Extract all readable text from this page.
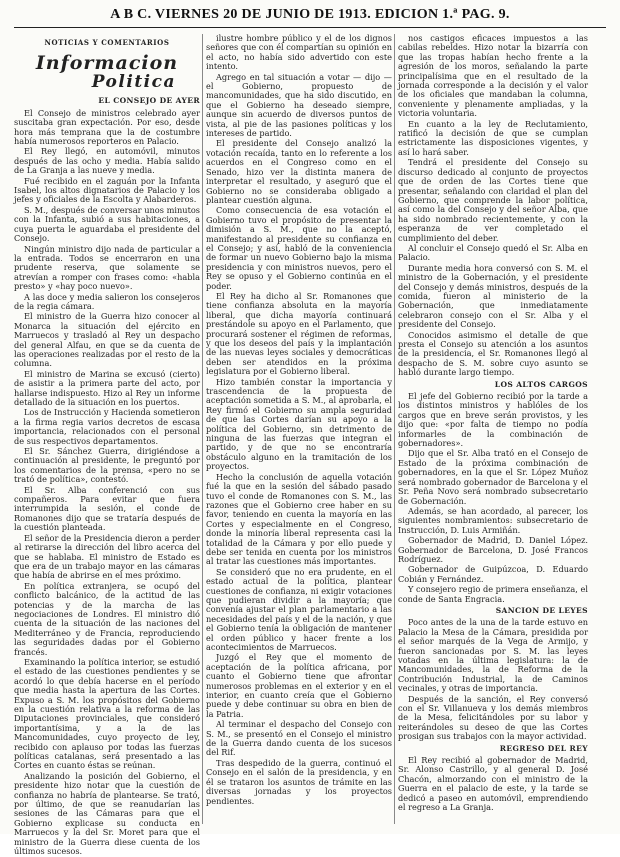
A B C. VIERNES 20 DE JUNIO DE 1913. EDICION 1.ª PAG. 9.
NOTICIAS Y COMENTARIOS
Informacion
Politica
EL CONSEJO DE AYER
El Consejo de ministros celebrado ayer suscitaba gran expectación. Por eso, desde hora más temprana que la de costumbre había numerosos reporteros en Palacio.
El Rey llegó, en automóvil, minutos después de las ocho y media. Había salido de La Granja a las nueve y media.
Fué recibido en el zaguán por la Infanta Isabel, los altos dignatarios de Palacio y los jefes y oficiales de la Escolta y Alabarderos.
S. M., después de conversar unos minutos con la Infanta, subió a sus habitaciones, a cuya puerta le aguardaba el presidente del Consejo.
Ningún ministro dijo nada de particular a la entrada. Todos se encerraron en una prudente reserva, que solamente se atrevían a romper con frases como: «habla presto» y «hay poco nuevo».
A las doce y media salieron los consejeros de la regia cámara.
El ministro de la Guerra hizo conocer al Monarca la situación del ejército en Marruecos y trasladó al Rey un despacho del general Alfau, en que se da cuenta de las operaciones realizadas por el resto de la columna.
El ministro de Marina se excusó (cierto) de asistir a la primera parte del acto, por hallarse indispuesto. Hizo al Rey un informe detallado de la situación en los puertos.
Los de Instrucción y Hacienda sometieron a la firma regia varios decretos de escasa importancia, relacionados con el personal de sus respectivos departamentos.
El Sr. Sánchez Guerra, dirigiéndose a continuación al presidente, le preguntó por los comentarios de la prensa, «pero no se trató de política», contestó.
El Sr. Alba conferenció con sus compañeros. Para evitar que fuera interrumpida la sesión, el conde de Romanones dijo que se trataría después de la cuestión planteada.
El señor de la Presidencia dieron a perder al retirarse la dirección del libro acerca del que se hablaba. El ministro de Estado es que era de un trabajo mayor en las cámaras que había de abrirse en el mes próximo.
En política extranjera, se ocupó del conflicto balcánico, de la actitud de las potencias y de la marcha de las negociaciones de Londres. El ministro dió cuenta de la situación de las naciones del Mediterráneo y de Francia, reproduciendo las seguridades dadas por el Gobierno francés.
Examinando la política interior, se estudió el estado de las cuestiones pendientes y se acordó lo que debía hacerse en el período que media hasta la apertura de las Cortes. Expuso a S. M. los propósitos del Gobierno en la cuestión relativa a la reforma de las Diputaciones provinciales, que consideró importantísima, y a la de las Mancomunidades, cuyo proyecto de ley, recibido con aplauso por todas las fuerzas políticas catalanas, será presentado a las Cortes en cuanto éstas se reúnan.
Analizando la posición del Gobierno, el presidente hizo notar que la cuestión de confianza no habría de plantearse. Se trató, por último, de que se reanudarían las sesiones de las Cámaras para que el Gobierno explicase su conducta en Marruecos y la del Sr. Moret para que el ministro de la Guerra diese cuenta de los últimos sucesos.
ilustre hombre público y el de los dignos señores que con él compartían su opinión en el acto, no había sido advertido con este intento.
Agrego en tal situación a votar — dijo — el Gobierno, propuesto de mancomunidades, que ha sido discutido, en que el Gobierno ha deseado siempre, aunque sin acuerdo de diversos puntos de vista, al pie de las pasiones políticas y los intereses de partido.
El presidente del Consejo analizó la votación recaída, tanto en lo referente a los acuerdos en el Congreso como en el Senado, hizo ver la distinta manera de interpretar el resultado, y aseguró que el Gobierno no se consideraba obligado a plantear cuestión alguna.
Como consecuencia de esa votación el Gobierno tuvo el propósito de presentar la dimisión a S. M., que no la aceptó, manifestando al presidente su confianza en el Consejo; y así, habló de la conveniencia de formar un nuevo Gobierno bajo la misma presidencia y con ministros nuevos, pero el Rey se opuso y el Gobierno continúa en el poder.
El Rey ha dicho al Sr. Romanones que tiene confianza absoluta en la mayoría liberal, que dicha mayoría continuará prestándole su apoyo en el Parlamento, que procurará sostener el régimen de reformas, y que los deseos del país y la implantación de las nuevas leyes sociales y democráticas deben ser atendidos en la próxima legislatura por el Gobierno liberal.
Hizo también constar la importancia y trascendencia de la propuesta de aceptación sometida a S. M., al aprobarla, el Rey firmó el Gobierno su ampla seguridad de que las Cortes darían su apoyo a la política del Gobierno, sin detrimento de ninguna de las fuerzas que integran el partido, y de que no se encontraría obstáculo alguno en la tramitación de los proyectos.
Hecho la conclusión de aquella votación fué la que en la sesión del sábado pasado tuvo el conde de Romanones con S. M., las razones que el Gobierno cree haber en su favor, teniendo en cuenta la mayoría en las Cortes y especialmente en el Congreso, donde la minoría liberal representa casi la totalidad de la Cámara y por ello puede y debe ser tenida en cuenta por los ministros al tratar las cuestiones más importantes.
Se consideró que no era prudente, en el estado actual de la política, plantear cuestiones de confianza, ni exigir votaciones que pudieran dividir a la mayoría; que convenía ajustar el plan parlamentario a las necesidades del país y el de la nación, y que el Gobierno tenía la obligación de mantener el orden público y hacer frente a los acontecimientos de Marruecos.
Juzgó el Rey que el momento de aceptación de la política africana, por cuanto el Gobierno tiene que afrontar numerosos problemas en el exterior y en el interior, en cuanto creía que el Gobierno puede y debe continuar su obra en bien de la Patria.
Al terminar el despacho del Consejo con S. M., se presentó en el Consejo el ministro de la Guerra dando cuenta de los sucesos del Rif.
Tras despedido de la guerra, continuó el Consejo en el salón de la presidencia, y en él se trataron los asuntos de trámite en las diversas jornadas y los proyectos pendientes.
nos castigos eficaces impuestos a las cabilas rebeldes. Hizo notar la bizarría con que las tropas habían hecho frente a la agresión de los moros, señalando la parte principalísima que en el resultado de la jornada corresponde a la decisión y el valor de los oficiales que mandaban la columna, conveniente y plenamente ampliadas, y la victoria voluntaria.
En cuanto a la ley de Reclutamiento, ratificó la decisión de que se cumplan estrictamente las disposiciones vigentes, y así lo hará saber.
Tendrá el presidente del Consejo su discurso dedicado al conjunto de proyectos que de orden de las Cortes tiene que presentar, señalando con claridad el plan del Gobierno, que comprende la labor política, así como la del Consejo y del señor Alba, que ha sido nombrado recientemente, y con la esperanza de ver completado el cumplimiento del deber.
Al concluir el Consejo quedó el Sr. Alba en Palacio.
Durante media hora conversó con S. M. el ministro de la Gobernación, y el presidente del Consejo y demás ministros, después de la comida, fueron al ministerio de la Gobernación, que inmediatamente celebraron consejo con el Sr. Alba y el presidente del Consejo.
Conocidos asimismo el detalle de que presta el Consejo su atención a los asuntos de la presidencia, el Sr. Romanones llegó al despacho de S. M. sobre cuyo asunto se habló durante largo tiempo.
LOS ALTOS CARGOS
El jefe del Gobierno recibió por la tarde a los distintos ministros y hablóles de los cargos que en breve serán provistos, y les dijo que: «por falta de tiempo no podía informarles de la combinación de gobernadores».
Dijo que el Sr. Alba trató en el Consejo de Estado de la próxima combinación de gobernadores, en la que el Sr. López Muñoz será nombrado gobernador de Barcelona y el Sr. Peña Novo será nombrado subsecretario de Gobernación.
Además, se han acordado, al parecer, los siguientes nombramientos: subsecretario de Instrucción, D. Luis Armiñán.
Gobernador de Madrid, D. Daniel López. Gobernador de Barcelona, D. José Francos Rodríguez.
Gobernador de Guipúzcoa, D. Eduardo Cobián y Fernández.
Y consejero regio de primera enseñanza, el conde de Santa Engracia.
SANCION DE LEYES
Poco antes de la una de la tarde estuvo en Palacio la Mesa de la Cámara, presidida por el señor marqués de la Vega de Armijo, y fueron sancionadas por S. M. las leyes votadas en la última legislatura: la de Mancomunidades, la de Reforma de la Contribución Industrial, la de Caminos vecinales, y otras de importancia.
Después de la sanción, el Rey conversó con el Sr. Villanueva y los demás miembros de la Mesa, felicitándoles por su labor y reiterándoles su deseo de que las Cortes prosigan sus trabajos con la mayor actividad.
REGRESO DEL REY
El Rey recibió al gobernador de Madrid, Sr. Alonso Castrillo, y al general D. José Chacón, almorzando con el ministro de la Guerra en el palacio de este, y la tarde se dedicó a paseo en automóvil, emprendiendo el regreso a La Granja.
